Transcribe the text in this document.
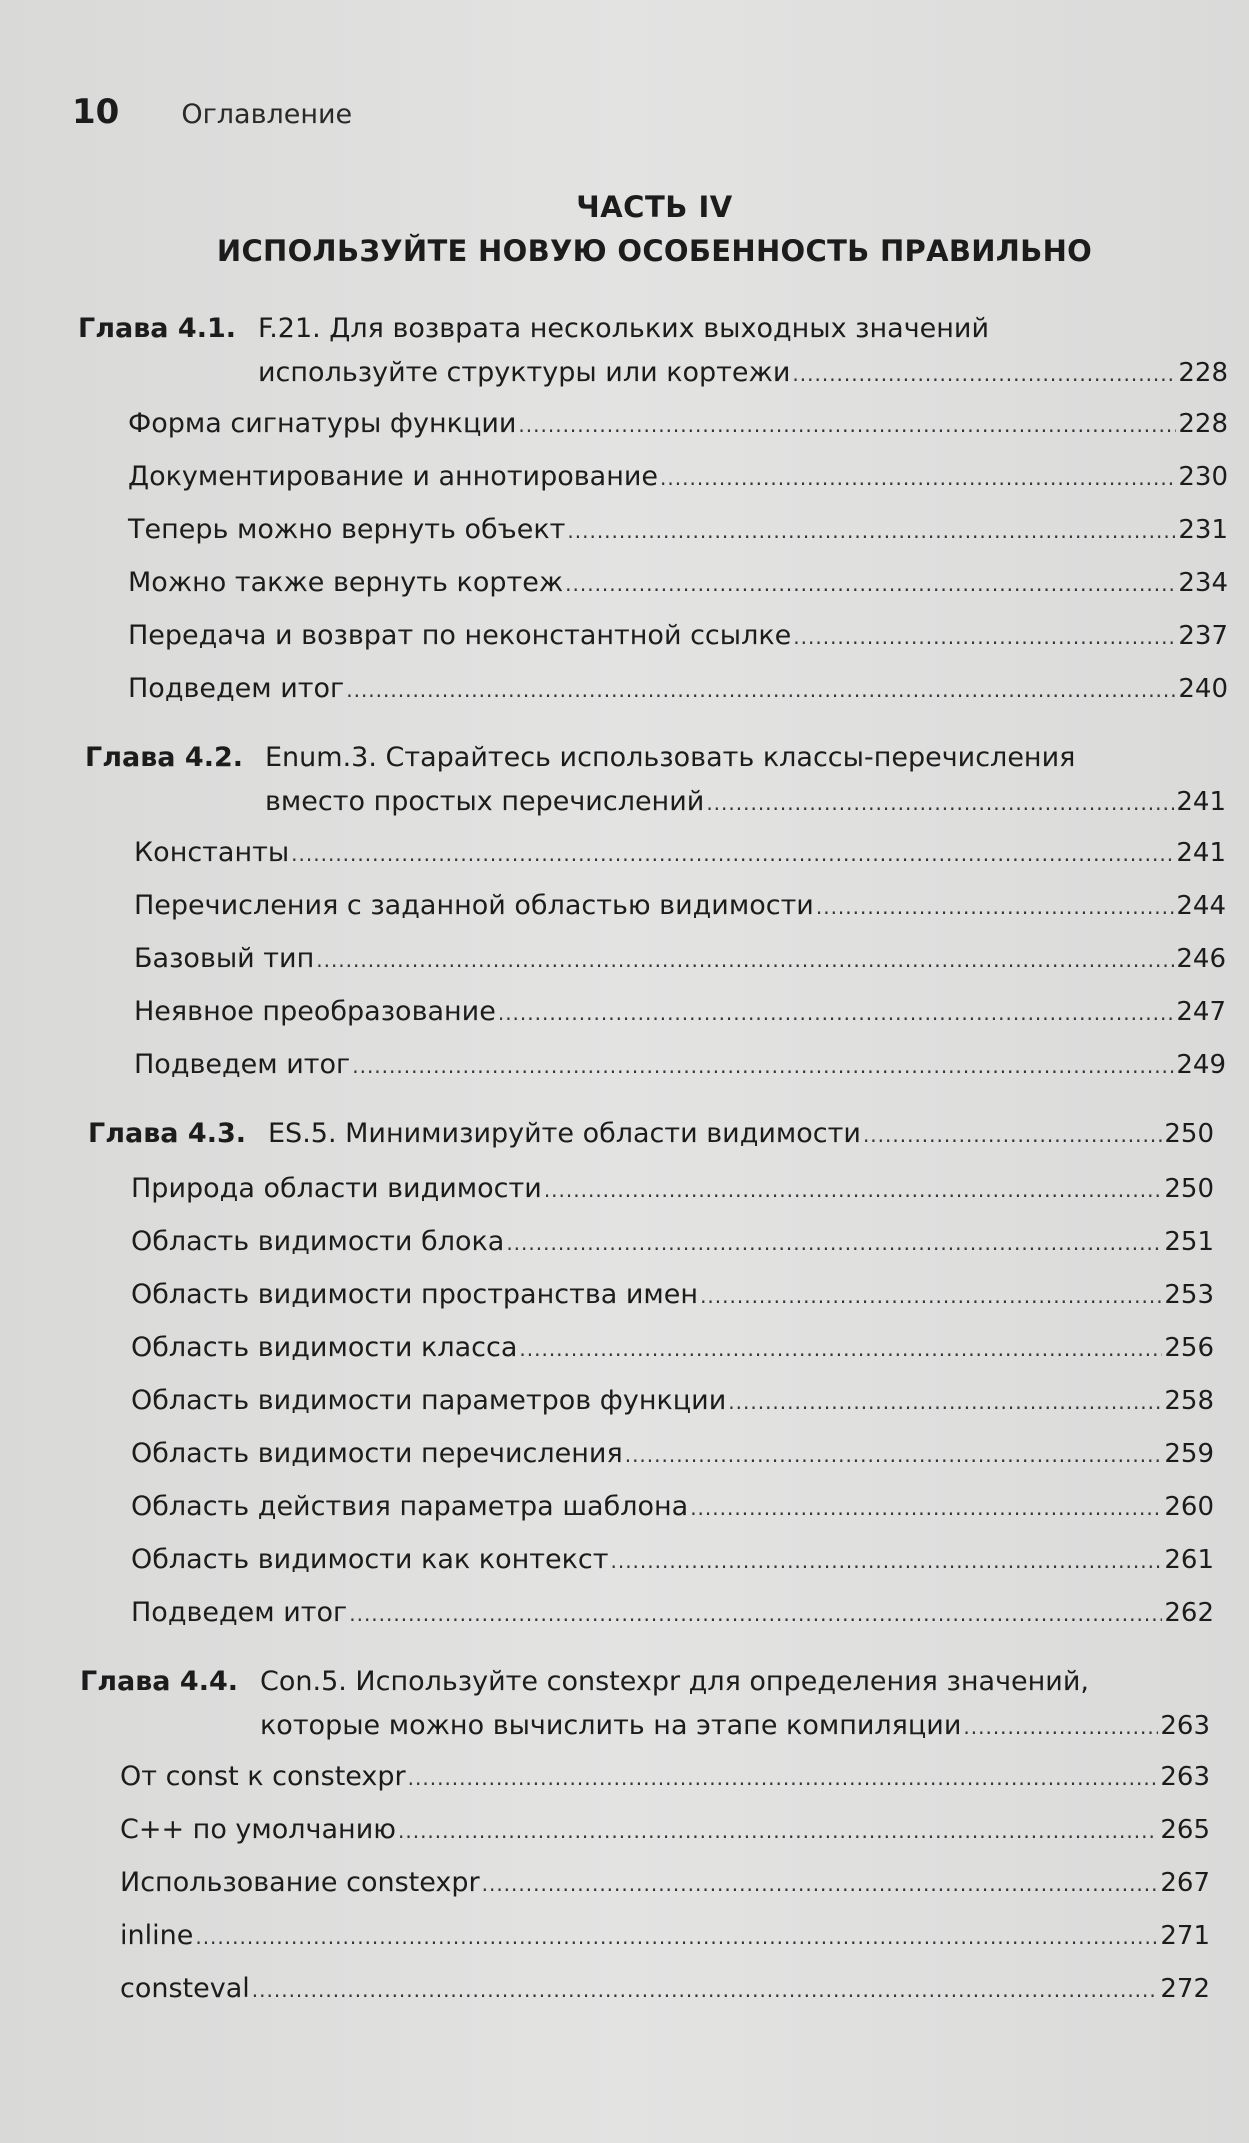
10 Оглавление
ЧАСТЬ IV
ИСПОЛЬЗУЙТЕ НОВУЮ ОСОБЕННОСТЬ ПРАВИЛЬНО
Глава 4.1. F.21. Для возврата нескольких выходных значений
используйте структуры или кортежи .....	228
Форма сигнатуры функции .....	228
Документирование и аннотирование .....	230
Теперь можно вернуть объект .....	231
Можно также вернуть кортеж .....	234
Передача и возврат по неконстантной ссылке .....	237
Подведем итог .....	240
Глава 4.2. Enum.3. Старайтесь использовать классы-перечисления
вместо простых перечислений .....	241
Константы .....	241
Перечисления с заданной областью видимости .....	244
Базовый тип .....	246
Неявное преобразование .....	247
Подведем итог .....	249
Глава 4.3. ES.5. Минимизируйте области видимости .....	250
Природа области видимости .....	250
Область видимости блока .....	251
Область видимости пространства имен .....	253
Область видимости класса .....	256
Область видимости параметров функции .....	258
Область видимости перечисления .....	259
Область действия параметра шаблона .....	260
Область видимости как контекст .....	261
Подведем итог .....	262
Глава 4.4. Con.5. Используйте constexpr для определения значений,
которые можно вычислить на этапе компиляции .....	263
От const к constexpr .....	263
C++ по умолчанию .....	265
Использование constexpr .....	267
inline .....	271
consteval .....	272
